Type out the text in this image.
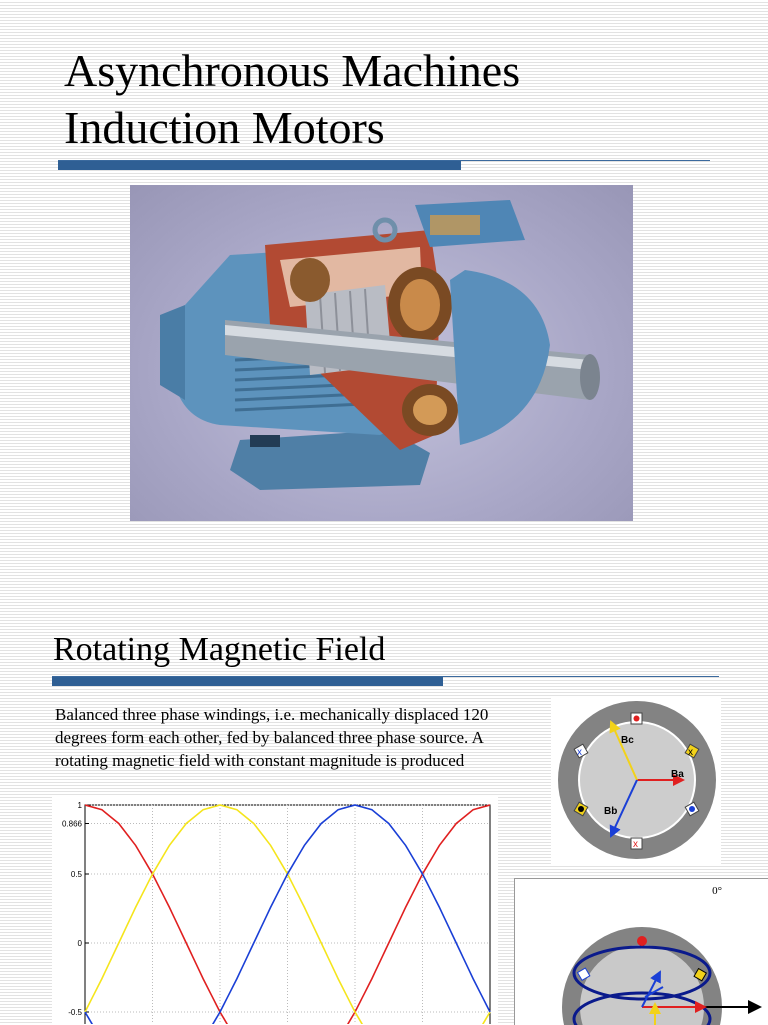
Asynchronous Machines
Induction Motors
Rotating Magnetic Field

Balanced three phase windings, i.e. mechanically displaced 120 degrees form each other, fed by balanced three phase source. A rotating magnetic field with constant magnitude is produced

1
0.866
0.5
0
-0.5
x
x	x
Ba
Bc
Bb
0°
